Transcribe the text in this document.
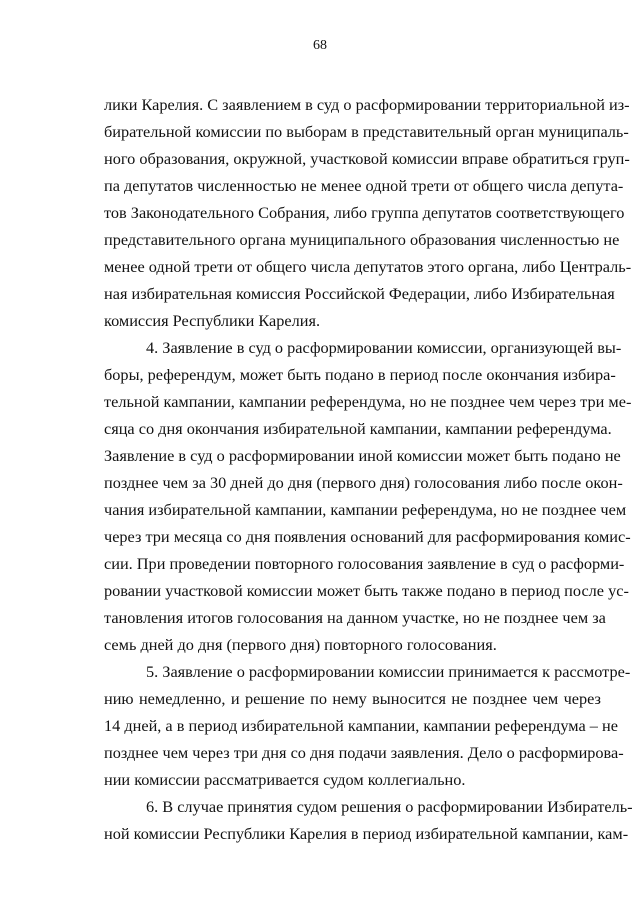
68
лики Карелия. С заявлением в суд о расформировании территориальной из-
бирательной комиссии по выборам в представительный орган муниципаль-
ного образования, окружной, участковой комиссии вправе обратиться груп-
па депутатов численностью не менее одной трети от общего числа депута-
тов Законодательного Собрания, либо группа депутатов соответствующего
представительного органа муниципального образования численностью не
менее одной трети от общего числа депутатов этого органа, либо Централь-
ная избирательная комиссия Российской Федерации, либо Избирательная
комиссия Республики Карелия.
4. Заявление в суд о расформировании комиссии, организующей вы-
боры, референдум, может быть подано в период после окончания избира-
тельной кампании, кампании референдума, но не позднее чем через три ме-
сяца со дня окончания избирательной кампании, кампании референдума.
Заявление в суд о расформировании иной комиссии может быть подано не
позднее чем за 30 дней до дня (первого дня) голосования либо после окон-
чания избирательной кампании, кампании референдума, но не позднее чем
через три месяца со дня появления оснований для расформирования комис-
сии. При проведении повторного голосования заявление в суд о расформи-
ровании участковой комиссии может быть также подано в период после ус-
тановления итогов голосования на данном участке, но не позднее чем за
семь дней до дня (первого дня) повторного голосования.
5. Заявление о расформировании комиссии принимается к рассмотре-
нию немедленно, и решение по нему выносится не позднее чем через
14 дней, а в период избирательной кампании, кампании референдума – не
позднее чем через три дня со дня подачи заявления. Дело о расформирова-
нии комиссии рассматривается судом коллегиально.
6. В случае принятия судом решения о расформировании Избиратель-
ной комиссии Республики Карелия в период избирательной кампании, кам-
